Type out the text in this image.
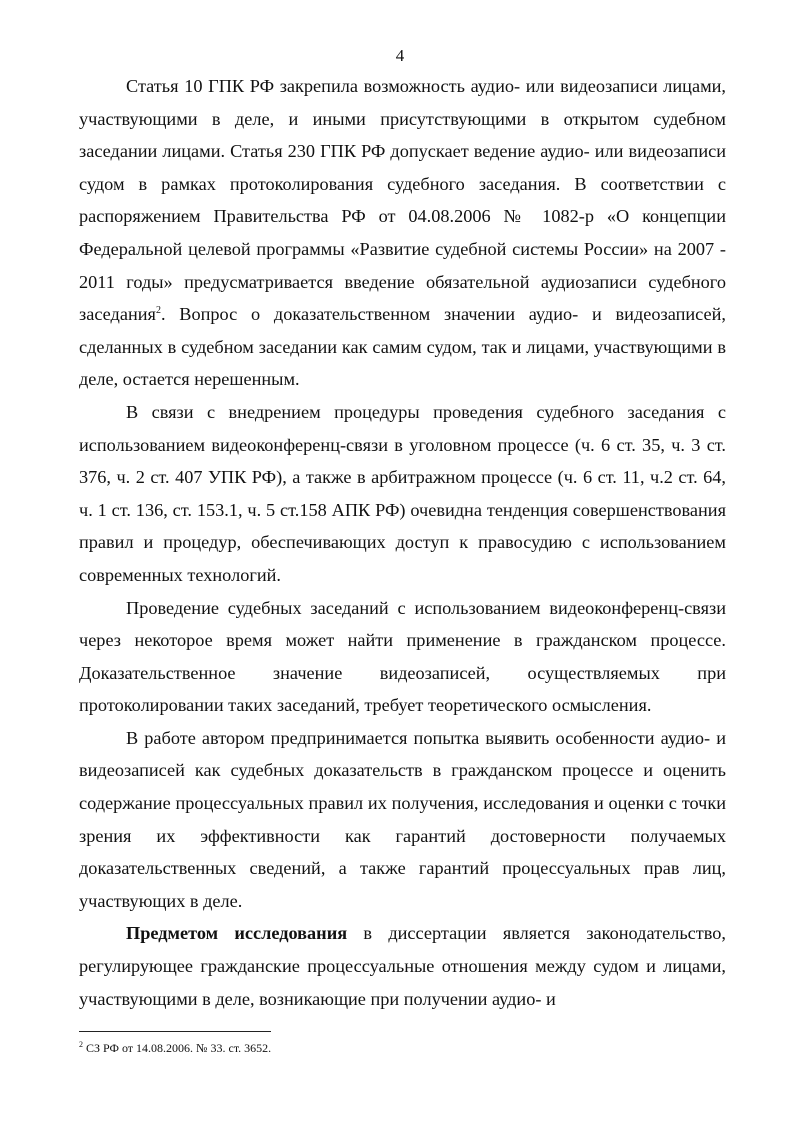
4

Статья 10 ГПК РФ закрепила возможность аудио- или видеозаписи лицами, участвующими в деле, и иными присутствующими в открытом судебном заседании лицами. Статья 230 ГПК РФ допускает ведение аудио- или видеозаписи судом в рамках протоколирования судебного заседания. В соответствии с распоряжением Правительства РФ от 04.08.2006 № 1082-р «О концепции Федеральной целевой программы «Развитие судебной системы России» на 2007 - 2011 годы» предусматривается введение обязательной аудиозаписи судебного заседания$^2$. Вопрос о доказательственном значении аудио- и видеозаписей, сделанных в судебном заседании как самим судом, так и лицами, участвующими в деле, остается нерешенным.

В связи с внедрением процедуры проведения судебного заседания с использованием видеоконференц-связи в уголовном процессе (ч. 6 ст. 35, ч. 3 ст. 376, ч. 2 ст. 407 УПК РФ), а также в арбитражном процессе (ч. 6 ст. 11, ч.2 ст. 64, ч. 1 ст. 136, ст. 153.1, ч. 5 ст.158 АПК РФ) очевидна тенденция совершенствования правил и процедур, обеспечивающих доступ к правосудию с использованием современных технологий.

Проведение судебных заседаний с использованием видеоконференц-связи через некоторое время может найти применение в гражданском процессе. Доказательственное значение видеозаписей, осуществляемых при протоколировании таких заседаний, требует теоретического осмысления.

В работе автором предпринимается попытка выявить особенности аудио- и видеозаписей как судебных доказательств в гражданском процессе и оценить содержание процессуальных правил их получения, исследования и оценки с точки зрения их эффективности как гарантий достоверности получаемых доказательственных сведений, а также гарантий процессуальных прав лиц, участвующих в деле.

Предметом исследования в диссертации является законодательство, регулирующее гражданские процессуальные отношения между судом и лицами, участвующими в деле, возникающие при получении аудио- и

$^2$ СЗ РФ от 14.08.2006. № 33. ст. 3652.
